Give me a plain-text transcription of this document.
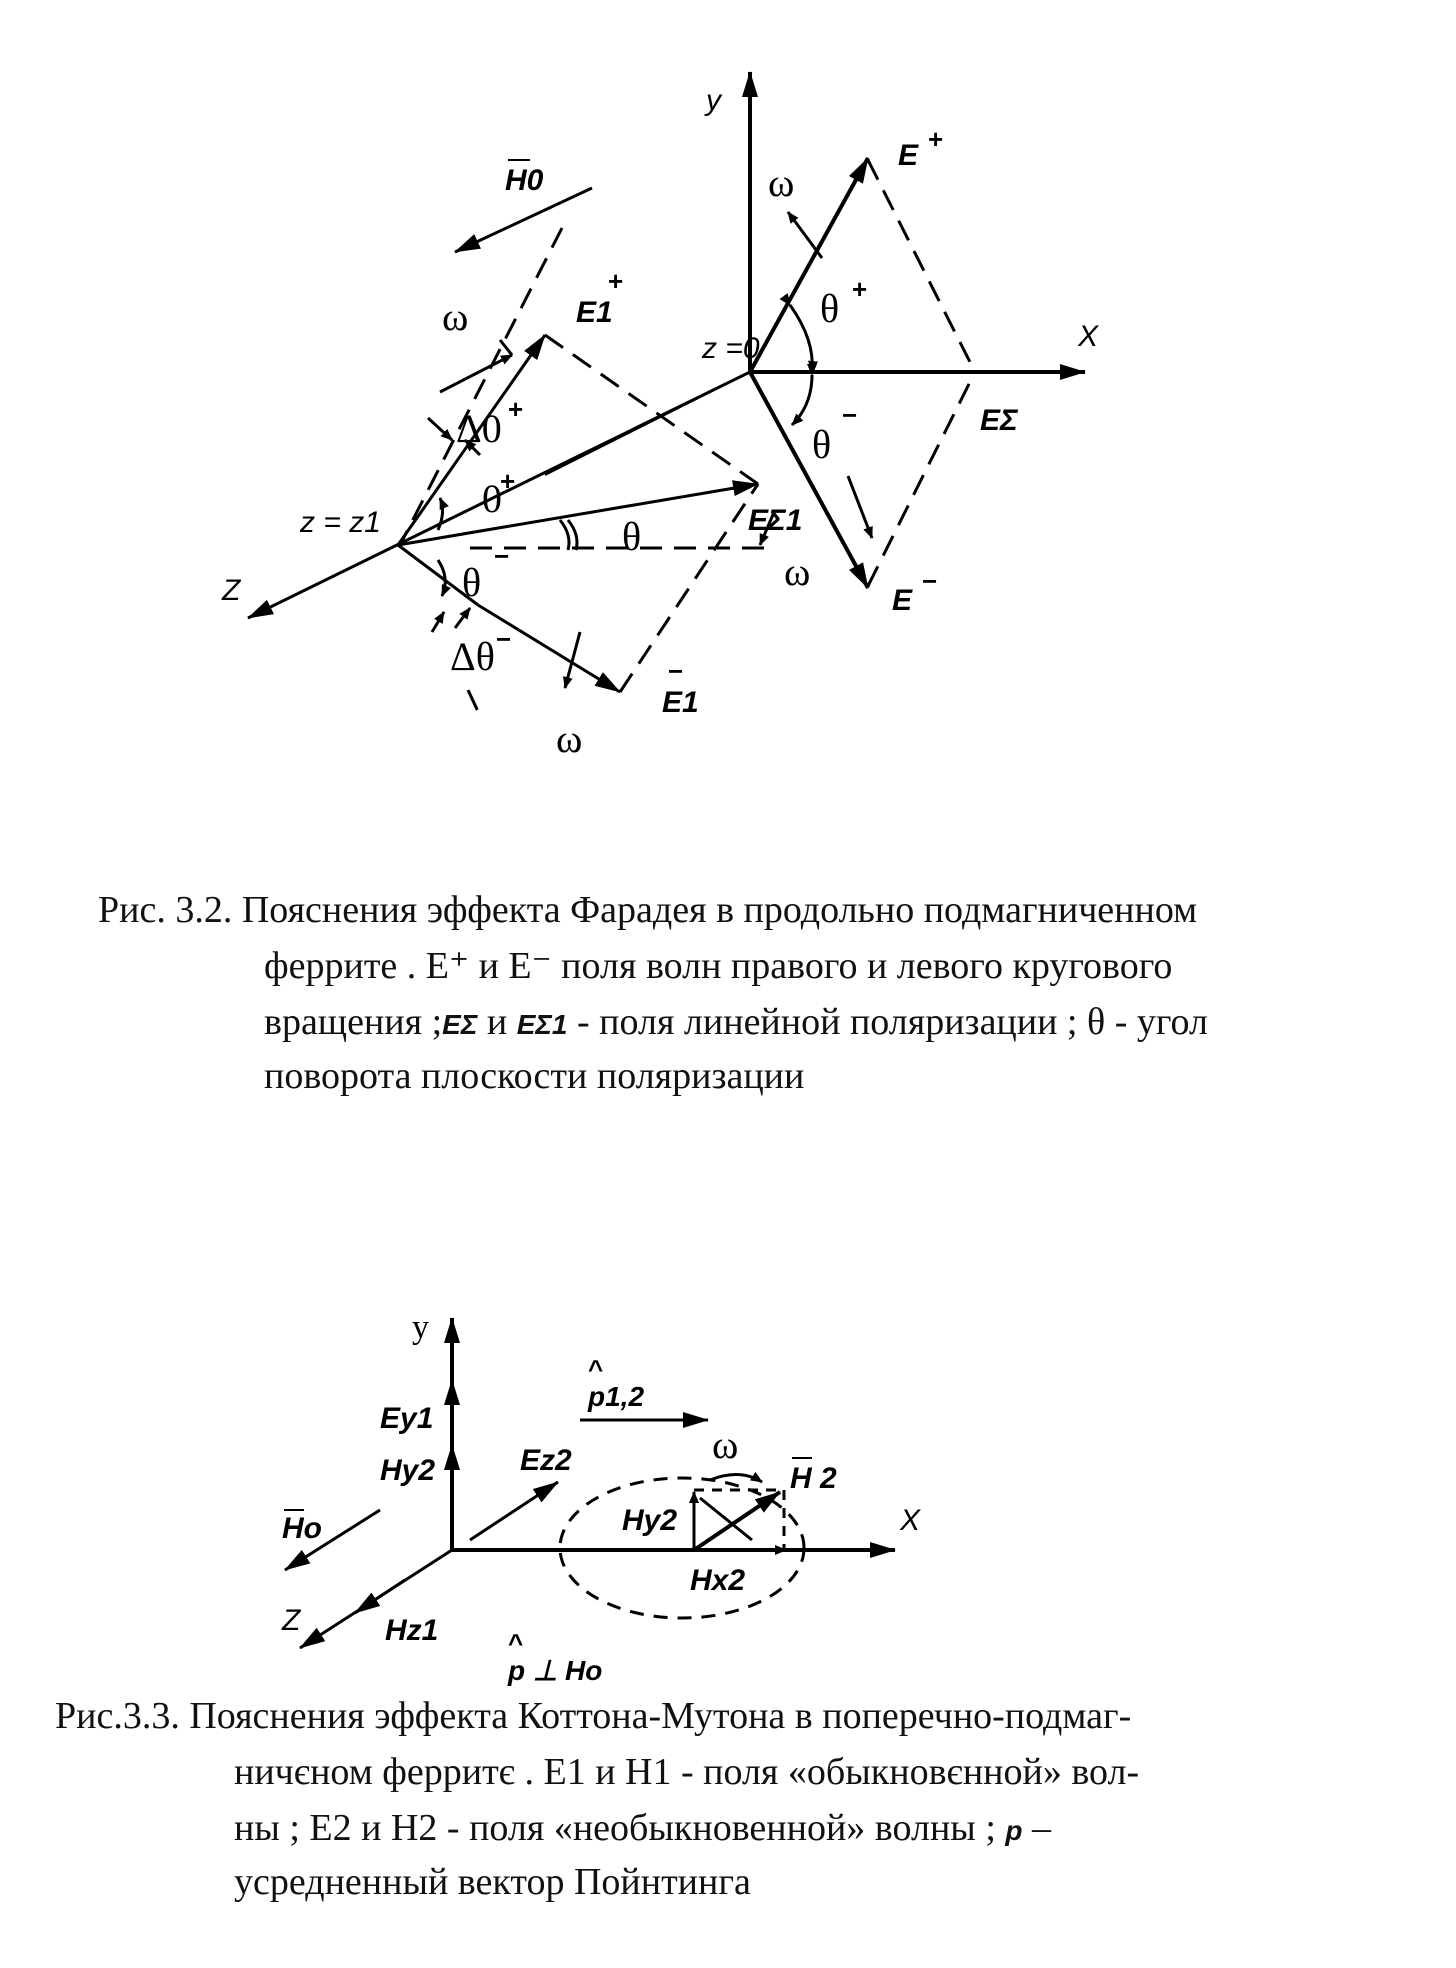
y
X
Z
z =0
z = z1
H0
E +
E
−
EΣ
EΣ1
E1
+
E1
−
ω
ω
ω
ω
θ +
θ
−
θ
Δ0 +
0
+
θ
−
Δθ −
y
X
Z
Ey1
Hy2	Ez2
Hz1
Ho
p1,2
^
ω
H 2
Hy2
Hx2
p ⊥ Ho
^
Рис. 3.2. Пояснения эффекта Фарадея в продольно подмагниченном
феррите . E⁺ и E⁻ поля волн правого и левого кругового
вращения ;EΣ и EΣ1 - поля линейной поляризации ; θ - угол
поворота плоскости поляризации
Рис.3.3. Пояснения эффекта Коттона-Мутона в поперечно-подмаг-
ничєном ферритє . E1 и H1 - поля «обыкновєнной» вол-
ны ; E2 и H2 - поля «необыкновенной» волны ; p –
усредненный вектор Пойнтинга
